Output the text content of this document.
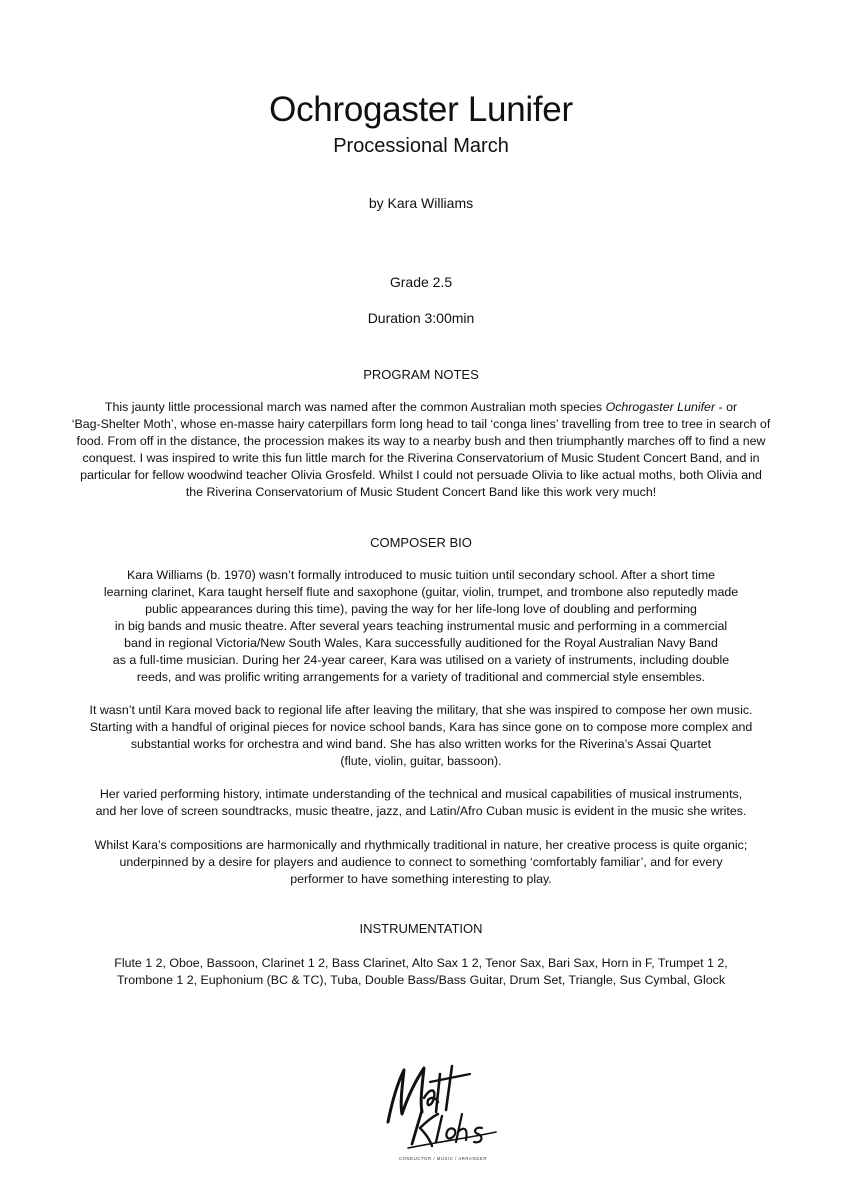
Ochrogaster Lunifer
Processional March
by Kara Williams
Grade 2.5
Duration 3:00min
PROGRAM NOTES
This jaunty little processional march was named after the common Australian moth species Ochrogaster Lunifer - or
‘Bag-Shelter Moth’, whose en-masse hairy caterpillars form long head to tail ‘conga lines’ travelling from tree to tree in search of
food. From off in the distance, the procession makes its way to a nearby bush and then triumphantly marches off to find a new
conquest. I was inspired to write this fun little march for the Riverina Conservatorium of Music Student Concert Band, and in
particular for fellow woodwind teacher Olivia Grosfeld. Whilst I could not persuade Olivia to like actual moths, both Olivia and
the Riverina Conservatorium of Music Student Concert Band like this work very much!
COMPOSER BIO
Kara Williams (b. 1970) wasn’t formally introduced to music tuition until secondary school. After a short time
learning clarinet, Kara taught herself flute and saxophone (guitar, violin, trumpet, and trombone also reputedly made
public appearances during this time), paving the way for her life-long love of doubling and performing
in big bands and music theatre. After several years teaching instrumental music and performing in a commercial
band in regional Victoria/New South Wales, Kara successfully auditioned for the Royal Australian Navy Band
as a full-time musician. During her 24-year career, Kara was utilised on a variety of instruments, including double
reeds, and was prolific writing arrangements for a variety of traditional and commercial style ensembles.
It wasn’t until Kara moved back to regional life after leaving the military, that she was inspired to compose her own music.
Starting with a handful of original pieces for novice school bands, Kara has since gone on to compose more complex and
substantial works for orchestra and wind band. She has also written works for the Riverina’s Assai Quartet
(flute, violin, guitar, bassoon).
Her varied performing history, intimate understanding of the technical and musical capabilities of musical instruments,
and her love of screen soundtracks, music theatre, jazz, and Latin/Afro Cuban music is evident in the music she writes.
Whilst Kara’s compositions are harmonically and rhythmically traditional in nature, her creative process is quite organic;
underpinned by a desire for players and audience to connect to something ‘comfortably familiar’, and for every
performer to have something interesting to play.
INSTRUMENTATION
Flute 1 2, Oboe, Bassoon, Clarinet 1 2, Bass Clarinet, Alto Sax 1 2, Tenor Sax, Bari Sax, Horn in F, Trumpet 1 2,
Trombone 1 2, Euphonium (BC & TC), Tuba, Double Bass/Bass Guitar, Drum Set, Triangle, Sus Cymbal, Glock
CONDUCTOR / MUSIC / ARRANGER
